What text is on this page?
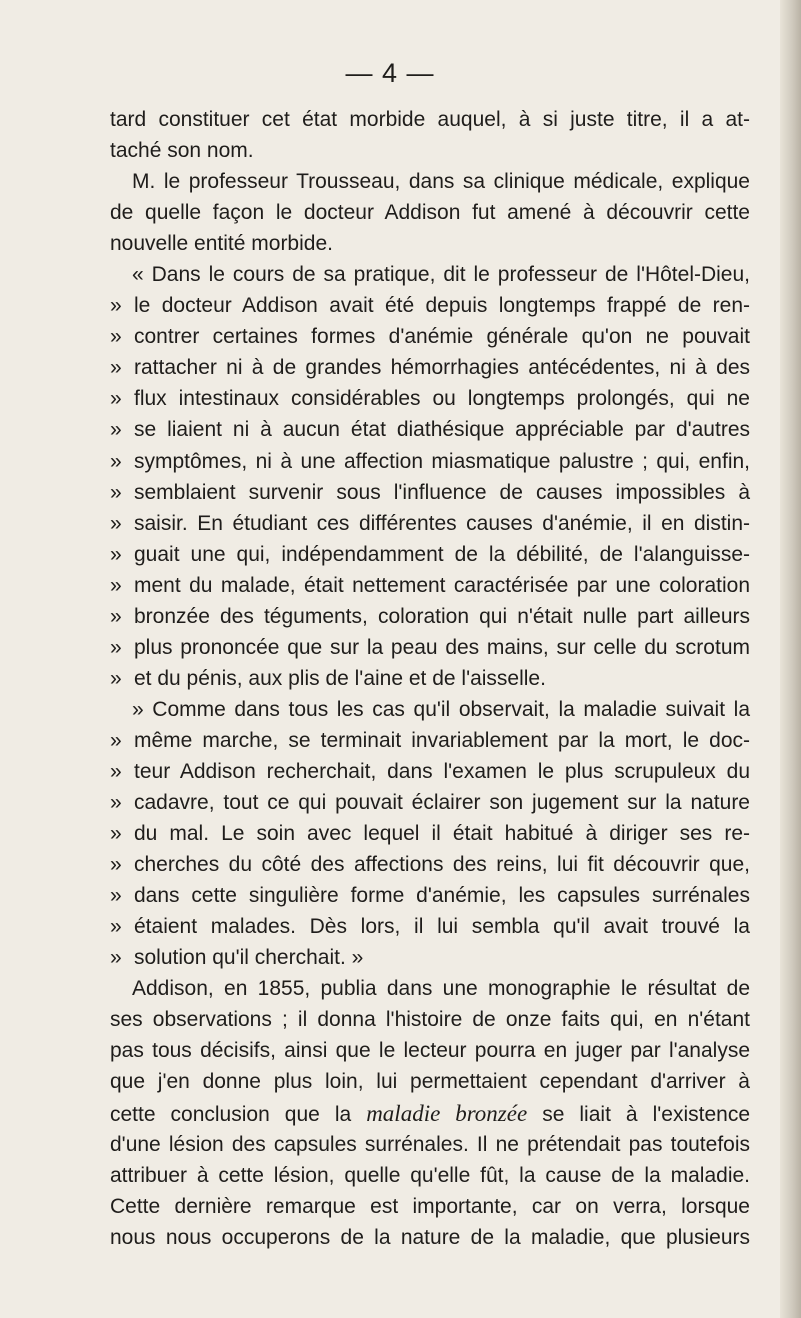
— 4 —
tard constituer cet état morbide auquel, à si juste titre, il a at-
taché son nom.
M. le professeur Trousseau, dans sa clinique médicale, explique
de quelle façon le docteur Addison fut amené à découvrir cette
nouvelle entité morbide.
« Dans le cours de sa pratique, dit le professeur de l'Hôtel-Dieu,
» le docteur Addison avait été depuis longtemps frappé de ren-
» contrer certaines formes d'anémie générale qu'on ne pouvait
» rattacher ni à de grandes hémorrhagies antécédentes, ni à des
» flux intestinaux considérables ou longtemps prolongés, qui ne
» se liaient ni à aucun état diathésique appréciable par d'autres
» symptômes, ni à une affection miasmatique palustre ; qui, enfin,
» semblaient survenir sous l'influence de causes impossibles à
» saisir. En étudiant ces différentes causes d'anémie, il en distin-
» guait une qui, indépendamment de la débilité, de l'alanguisse-
» ment du malade, était nettement caractérisée par une coloration
» bronzée des téguments, coloration qui n'était nulle part ailleurs
» plus prononcée que sur la peau des mains, sur celle du scrotum
» et du pénis, aux plis de l'aine et de l'aisselle.
» Comme dans tous les cas qu'il observait, la maladie suivait la
» même marche, se terminait invariablement par la mort, le doc-
» teur Addison recherchait, dans l'examen le plus scrupuleux du
» cadavre, tout ce qui pouvait éclairer son jugement sur la nature
» du mal. Le soin avec lequel il était habitué à diriger ses re-
» cherches du côté des affections des reins, lui fit découvrir que,
» dans cette singulière forme d'anémie, les capsules surrénales
» étaient malades. Dès lors, il lui sembla qu'il avait trouvé la
» solution qu'il cherchait. »
Addison, en 1855, publia dans une monographie le résultat de
ses observations ; il donna l'histoire de onze faits qui, en n'étant
pas tous décisifs, ainsi que le lecteur pourra en juger par l'analyse
que j'en donne plus loin, lui permettaient cependant d'arriver à
cette conclusion que la maladie bronzée se liait à l'existence
d'une lésion des capsules surrénales. Il ne prétendait pas toutefois
attribuer à cette lésion, quelle qu'elle fût, la cause de la maladie.
Cette dernière remarque est importante, car on verra, lorsque
nous nous occuperons de la nature de la maladie, que plusieurs
